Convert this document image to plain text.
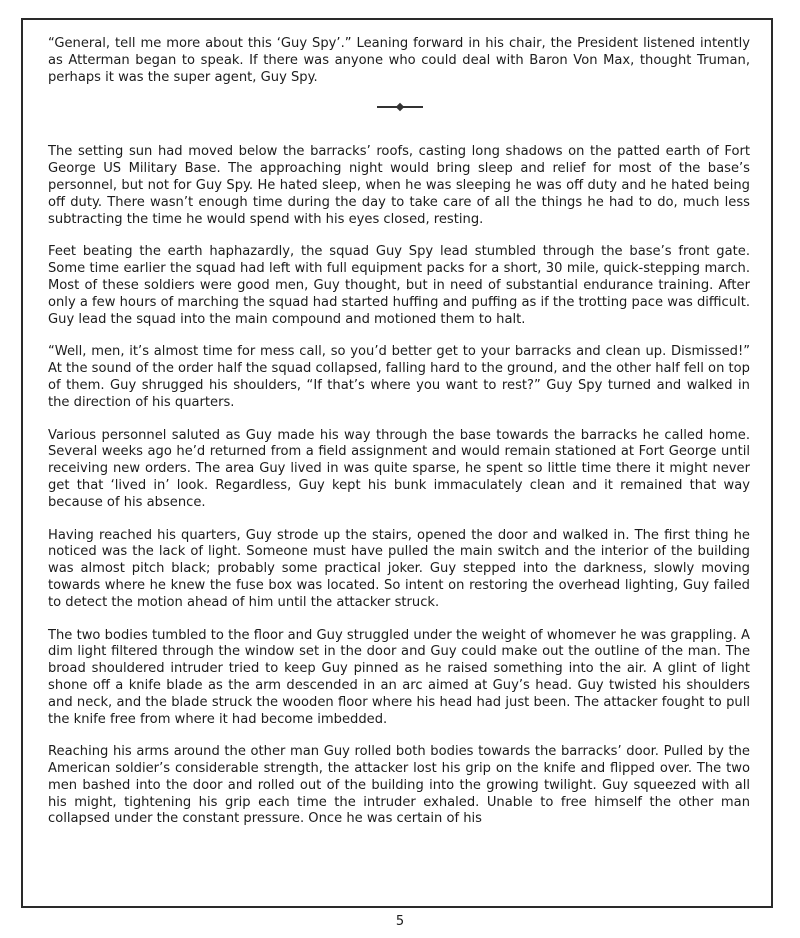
“General, tell me more about this ‘Guy Spy’.” Leaning forward in his chair, the President listened intently as Atterman began to speak. If there was anyone who could deal with Baron Von Max, thought Truman, perhaps it was the super agent, Guy Spy.

The setting sun had moved below the barracks’ roofs, casting long shadows on the patted earth of Fort George US Military Base. The approaching night would bring sleep and relief for most of the base’s personnel, but not for Guy Spy. He hated sleep, when he was sleeping he was off duty and he hated being off duty. There wasn’t enough time during the day to take care of all the things he had to do, much less subtracting the time he would spend with his eyes closed, resting.

Feet beating the earth haphazardly, the squad Guy Spy lead stumbled through the base’s front gate. Some time earlier the squad had left with full equipment packs for a short, 30 mile, quick-stepping march. Most of these soldiers were good men, Guy thought, but in need of substantial endurance training. After only a few hours of marching the squad had started huffing and puffing as if the trotting pace was difficult. Guy lead the squad into the main compound and motioned them to halt.

“Well, men, it’s almost time for mess call, so you’d better get to your barracks and clean up. Dismissed!” At the sound of the order half the squad collapsed, falling hard to the ground, and the other half fell on top of them. Guy shrugged his shoulders, “If that’s where you want to rest?” Guy Spy turned and walked in the direction of his quarters.

Various personnel saluted as Guy made his way through the base towards the barracks he called home. Several weeks ago he’d returned from a field assignment and would remain stationed at Fort George until receiving new orders. The area Guy lived in was quite sparse, he spent so little time there it might never get that ‘lived in’ look. Regardless, Guy kept his bunk immaculately clean and it remained that way because of his absence.

Having reached his quarters, Guy strode up the stairs, opened the door and walked in. The first thing he noticed was the lack of light. Someone must have pulled the main switch and the interior of the building was almost pitch black; probably some practical joker. Guy stepped into the darkness, slowly moving towards where he knew the fuse box was located. So intent on restoring the overhead lighting, Guy failed to detect the motion ahead of him until the attacker struck.

The two bodies tumbled to the floor and Guy struggled under the weight of whomever he was grappling. A dim light filtered through the window set in the door and Guy could make out the outline of the man. The broad shouldered intruder tried to keep Guy pinned as he raised something into the air. A glint of light shone off a knife blade as the arm descended in an arc aimed at Guy’s head. Guy twisted his shoulders and neck, and the blade struck the wooden floor where his head had just been. The attacker fought to pull the knife free from where it had become imbedded.

Reaching his arms around the other man Guy rolled both bodies towards the barracks’ door. Pulled by the American soldier’s considerable strength, the attacker lost his grip on the knife and flipped over. The two men bashed into the door and rolled out of the building into the growing twilight. Guy squeezed with all his might, tightening his grip each time the intruder exhaled. Unable to free himself the other man collapsed under the constant pressure. Once he was certain of his

5
